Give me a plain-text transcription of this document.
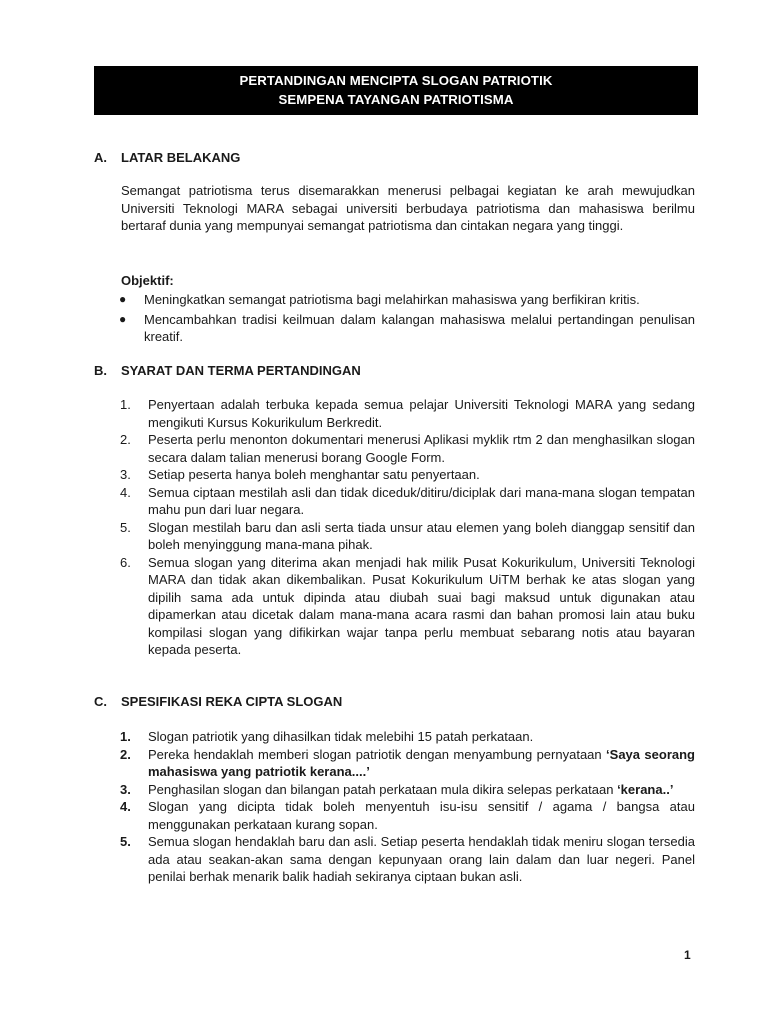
PERTANDINGAN MENCIPTA SLOGAN PATRIOTIK
SEMPENA TAYANGAN PATRIOTISMA
A. LATAR BELAKANG
Semangat patriotisma terus disemarakkan menerusi pelbagai kegiatan ke arah mewujudkan Universiti Teknologi MARA sebagai universiti berbudaya patriotisma dan mahasiswa berilmu bertaraf dunia yang mempunyai semangat patriotisma dan cintakan negara yang tinggi.
Objektif:
● Meningkatkan semangat patriotisma bagi melahirkan mahasiswa yang berfikiran kritis.
● Mencambahkan tradisi keilmuan dalam kalangan mahasiswa melalui pertandingan penulisan kreatif.
B. SYARAT DAN TERMA PERTANDINGAN
1. Penyertaan adalah terbuka kepada semua pelajar Universiti Teknologi MARA yang sedang mengikuti Kursus Kokurikulum Berkredit.
2. Peserta perlu menonton dokumentari menerusi Aplikasi myklik rtm 2 dan menghasilkan slogan secara dalam talian menerusi borang Google Form.
3. Setiap peserta hanya boleh menghantar satu penyertaan.
4. Semua ciptaan mestilah asli dan tidak diceduk/ditiru/diciplak dari mana-mana slogan tempatan mahu pun dari luar negara.
5. Slogan mestilah baru dan asli serta tiada unsur atau elemen yang boleh dianggap sensitif dan boleh menyinggung mana-mana pihak.
6. Semua slogan yang diterima akan menjadi hak milik Pusat Kokurikulum, Universiti Teknologi MARA dan tidak akan dikembalikan. Pusat Kokurikulum UiTM berhak ke atas slogan yang dipilih sama ada untuk dipinda atau diubah suai bagi maksud untuk digunakan atau dipamerkan atau dicetak dalam mana-mana acara rasmi dan bahan promosi lain atau buku kompilasi slogan yang difikirkan wajar tanpa perlu membuat sebarang notis atau bayaran kepada peserta.
C. SPESIFIKASI REKA CIPTA SLOGAN
1. Slogan patriotik yang dihasilkan tidak melebihi 15 patah perkataan.
2. Pereka hendaklah memberi slogan patriotik dengan menyambung pernyataan ‘Saya seorang mahasiswa yang patriotik kerana....’
3. Penghasilan slogan dan bilangan patah perkataan mula dikira selepas perkataan ‘kerana..’
4. Slogan yang dicipta tidak boleh menyentuh isu-isu sensitif / agama / bangsa atau menggunakan perkataan kurang sopan.
5. Semua slogan hendaklah baru dan asli. Setiap peserta hendaklah tidak meniru slogan tersedia ada atau seakan-akan sama dengan kepunyaan orang lain dalam dan luar negeri. Panel penilai berhak menarik balik hadiah sekiranya ciptaan bukan asli.
1
